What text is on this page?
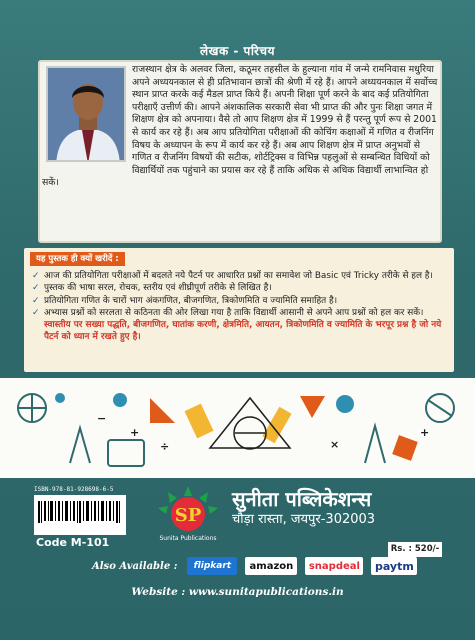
लेखक - परिचय
राजस्थान क्षेत्र के अलवर जिला, कठूमर तहसील के हुल्याना गांव में जन्मे रामनिवास मधुरिया अपने अध्ययनकाल से ही प्रतिभावान छात्रों की श्रेणी में रहे हैं। आपने अध्ययनकाल में सर्वोच्च स्थान प्राप्त करके कई मैडल प्राप्त किये हैं। अपनी शिक्षा पूर्ण करने के बाद कई प्रतियोगिता परीक्षाएँ उत्तीर्ण की। आपने अंशकालिक सरकारी सेवा भी प्राप्त की और पुनः शिक्षा जगत में शिक्षण क्षेत्र को अपनाया। वैसे तो आप शिक्षण क्षेत्र में 1999 से हैं परन्तु पूर्ण रूप से 2001 से कार्य कर रहे हैं। अब आप प्रतियोगिता परीक्षाओं की कोचिंग कक्षाओं में गणित व रीजनिंग विषय के अध्यापन के रूप में कार्य कर रहे हैं। अब आप शिक्षण क्षेत्र में प्राप्त अनुभवों से गणित व रीजनिंग विषयों की सटीक, शोर्टट्रिक्स व विभिन्न पहलुओं से सम्बन्धित विधियों को विद्यार्थियों तक पहुंचाने का प्रयास कर रहे हैं ताकि अधिक से अधिक विद्यार्थी लाभान्वित हो सकें।
यह पुस्तक ही क्यों खरीदें :
✓ आज की प्रतियोगिता परीक्षाओं में बदलते नये पैटर्न पर आधारित प्रश्नों का समावेश जो Basic एवं Tricky तरीके से हल है।
✓ पुस्तक की भाषा सरल, रोचक, स्तरीय एवं शीघ्रीपूर्ण तरीके से लिखित है।
✓ प्रतियोगिता गणित के चारों भाग अंकगणित, बीजगणित, त्रिकोणमिति व ज्यामिति समाहित है।
✓ अभ्यास प्रश्नों को सरलता से कठिनता की ओर लिखा गया है ताकि विद्यार्थी आसानी से अपने आप प्रश्नों को हल कर सकें।
स्वास्तीय पर सख्या पद्धति, बीजगणित, घातांक करणी, क्षेत्रमिति, आयतन, त्रिकोणमिति व ज्यामिति के भरपूर प्रश्न है जो नये पैटर्न को ध्यान में रखते हुए है।
+
÷	×
+
−
ISBN-978-81-928698-6-5
Code M-101
SP
Sunita Publications
सुनीता पब्लिकेशन्स
चौड़ा रास्ता, जयपुर-302003
Rs. : 520/-
Also Available :	flipkart	amazon	snapdeal	paytm
Website : www.sunitapublications.in
